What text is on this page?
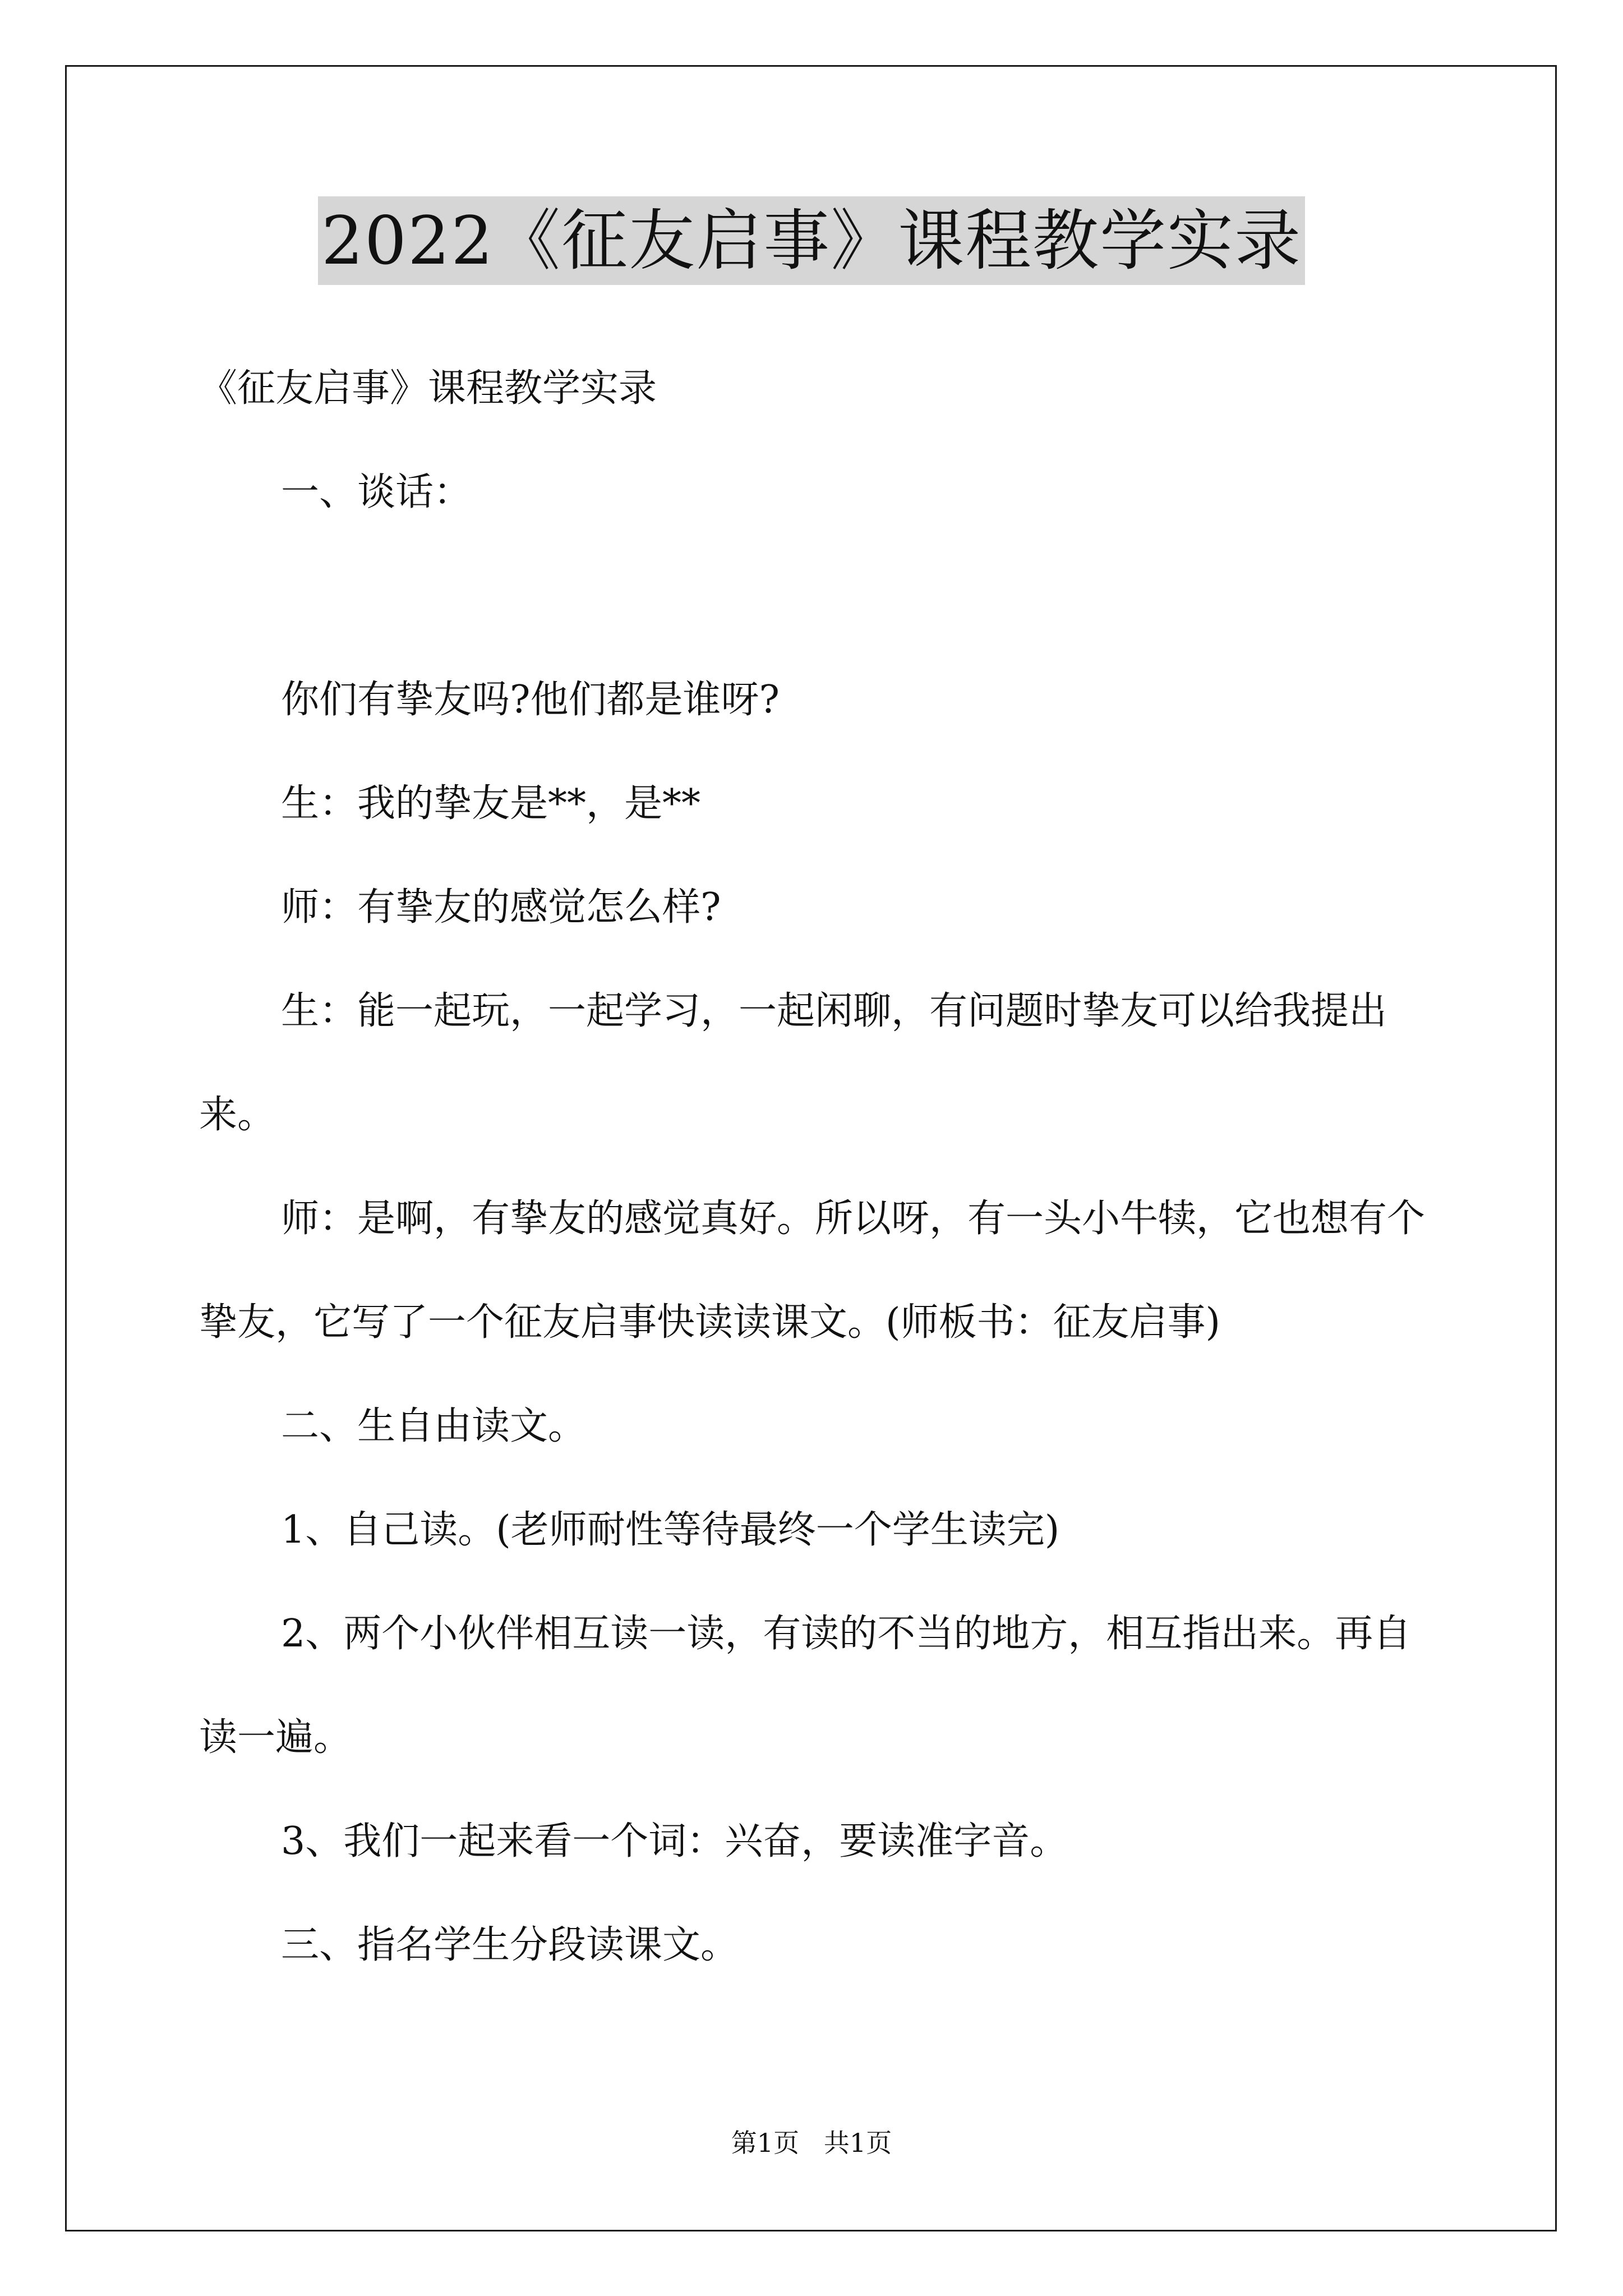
2022《征友启事》课程教学实录

《征友启事》课程教学实录

一、谈话：

你们有挚友吗?他们都是谁呀?

生：我的挚友是**，是**

师：有挚友的感觉怎么样?

生：能一起玩，一起学习，一起闲聊，有问题时挚友可以给我提出来。

师：是啊，有挚友的感觉真好。所以呀，有一头小牛犊，它也想有个挚友，它写了一个征友启事快读读课文。(师板书：征友启事)

二、生自由读文。

1、自己读。(老师耐性等待最终一个学生读完)

2、两个小伙伴相互读一读，有读的不当的地方，相互指出来。再自读一遍。

3、我们一起来看一个词：兴奋，要读准字音。

三、指名学生分段读课文。

第1页   共1页
